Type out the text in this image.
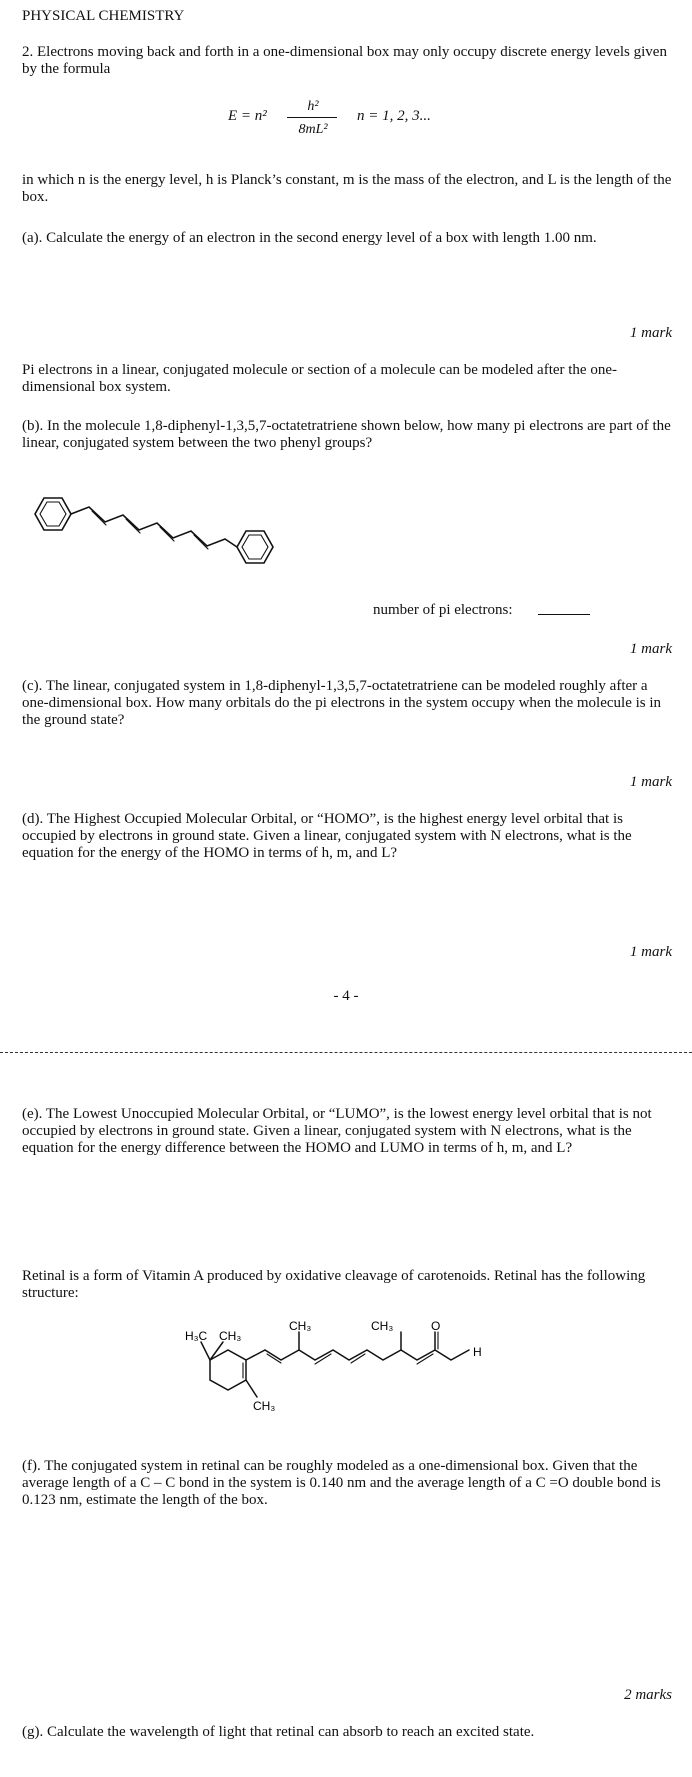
PHYSICAL CHEMISTRY
2. Electrons moving back and forth in a one-dimensional box may only occupy discrete energy levels given by the formula
E = n²
h²
8mL²
n = 1, 2, 3...
in which n is the energy level, h is Planck’s constant, m is the mass of the electron, and L is the length of the box.
(a). Calculate the energy of an electron in the second energy level of a box with length 1.00 nm.
1 mark
Pi electrons in a linear, conjugated molecule or section of a molecule can be modeled after the one-dimensional box system.
(b). In the molecule 1,8-diphenyl-1,3,5,7-octatetratriene shown below, how many pi electrons are part of the linear, conjugated system between the two phenyl groups?
number of pi electrons:
1 mark
(c). The linear, conjugated system in 1,8-diphenyl-1,3,5,7-octatetratriene can be modeled roughly after a one-dimensional box. How many orbitals do the pi electrons in the system occupy when the molecule is in the ground state?
1 mark
(d). The Highest Occupied Molecular Orbital, or “HOMO”, is the highest energy level orbital that is occupied by electrons in ground state. Given a linear, conjugated system with N electrons, what is the equation for the energy of the HOMO in terms of h, m, and L?
1 mark
- 4 -
(e). The Lowest Unoccupied Molecular Orbital, or “LUMO”, is the lowest energy level orbital that is not occupied by electrons in ground state. Given a linear, conjugated system with N electrons, what is the equation for the energy difference between the HOMO and LUMO in terms of h, m, and L?
Retinal is a form of Vitamin A produced by oxidative cleavage of carotenoids. Retinal has the following structure:
H₃C CH₃
CH₃	CH₃	O
H
CH₃
(f). The conjugated system in retinal can be roughly modeled as a one-dimensional box. Given that the average length of a C – C bond in the system is 0.140 nm and the average length of a C =O double bond is 0.123 nm, estimate the length of the box.
2 marks
(g). Calculate the wavelength of light that retinal can absorb to reach an excited state.
